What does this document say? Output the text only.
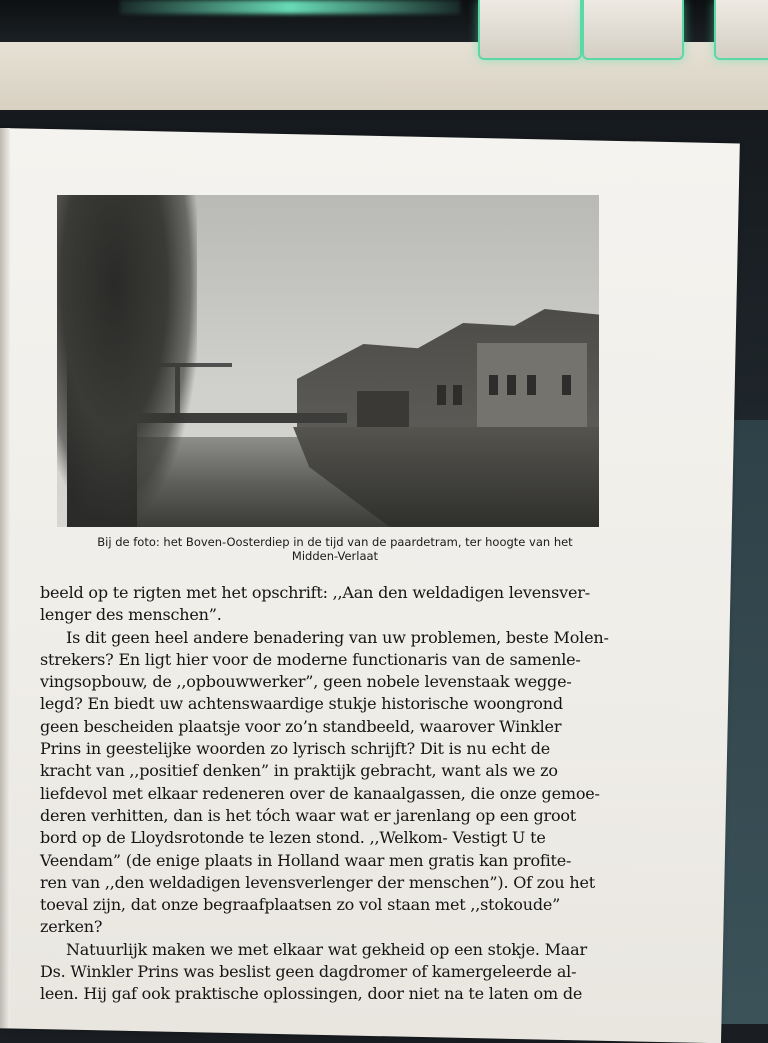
Bij de foto: het Boven-Oosterdiep in de tijd van de paardetram, ter hoogte van het
Midden-Verlaat
beeld op te rigten met het opschrift: ,,Aan den weldadigen levensver-
lenger des menschen”.
Is dit geen heel andere benadering van uw problemen, beste Molen-
strekers? En ligt hier voor de moderne functionaris van de samenle-
vingsopbouw, de ,,opbouwwerker”, geen nobele levenstaak wegge-
legd? En biedt uw achtenswaardige stukje historische woongrond
geen bescheiden plaatsje voor zo’n standbeeld, waarover Winkler
Prins in geestelijke woorden zo lyrisch schrijft? Dit is nu echt de
kracht van ,,positief denken” in praktijk gebracht, want als we zo
liefdevol met elkaar redeneren over de kanaalgassen, die onze gemoe-
deren verhitten, dan is het tóch waar wat er jarenlang op een groot
bord op de Lloydsrotonde te lezen stond. ,,Welkom- Vestigt U te
Veendam” (de enige plaats in Holland waar men gratis kan profite-
ren van ,,den weldadigen levensverlenger der menschen”). Of zou het
toeval zijn, dat onze begraafplaatsen zo vol staan met ,,stokoude”
zerken?
Natuurlijk maken we met elkaar wat gekheid op een stokje. Maar
Ds. Winkler Prins was beslist geen dagdromer of kamergeleerde al-
leen. Hij gaf ook praktische oplossingen, door niet na te laten om de
